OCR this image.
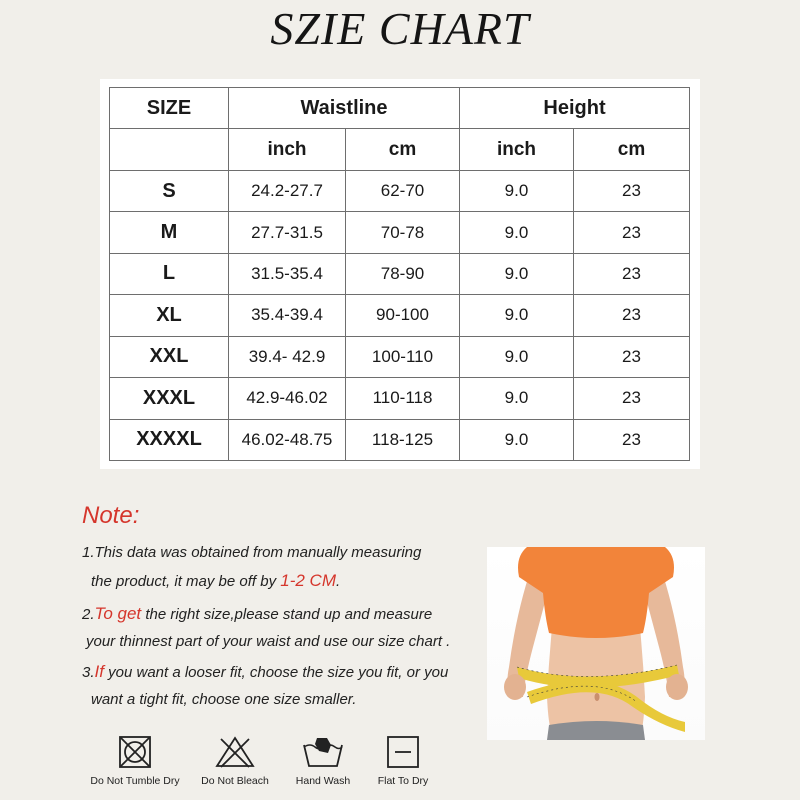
SZIE CHART
SIZE	Waistline		Height	
	inch	cm	inch	cm
S	24.2-27.7	62-70	9.0	23
M	27.7-31.5	70-78	9.0	23
L	31.5-35.4	78-90	9.0	23
XL	35.4-39.4	90-100	9.0	23
XXL	39.4- 42.9	100-110	9.0	23
XXXL	42.9-46.02	110-118	9.0	23
XXXXL	46.02-48.75	118-125	9.0	23
Note:
1.This data was obtained from manually measuring
the product, it may be off by 1-2 CM.
2.To get the right size,please stand up and measure
your thinnest part of your waist and use our size chart .
3.If you want a looser fit, choose the size you fit, or you
want a tight fit, choose one size smaller.
Do Not Tumble Dry	Do Not Bleach	Hand Wash	Flat To Dry
